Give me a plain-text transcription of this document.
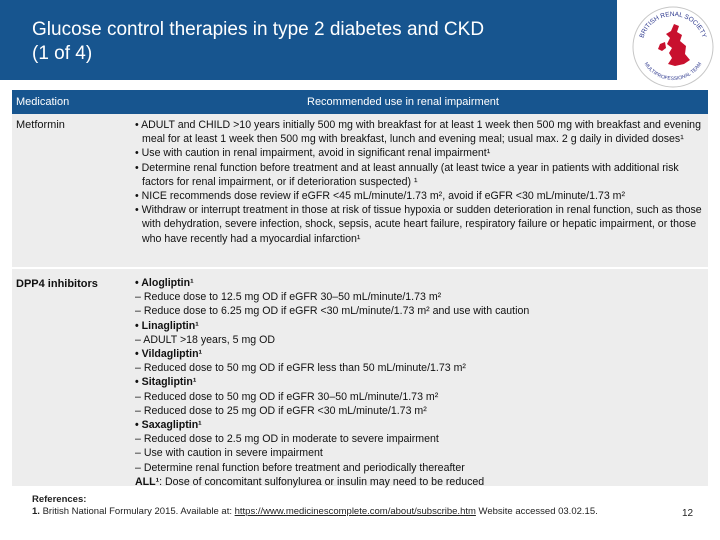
Glucose control therapies in type 2 diabetes and CKD
(1 of 4)
BRITISH RENAL SOCIETY
MULTIPROFESSIONAL TEAM
Medication	Recommended use in renal impairment
Metformin	• ADULT and CHILD >10 years initially 500 mg with breakfast for at least 1 week then 500 mg with breakfast and evening meal for at least 1 week then 500 mg with breakfast, lunch and evening meal; usual max. 2 g daily in divided doses¹
• Use with caution in renal impairment, avoid in significant renal impairment¹
• Determine renal function before treatment and at least annually (at least twice a year in patients with additional risk factors for renal impairment, or if deterioration suspected) ¹
• NICE recommends dose review if eGFR <45 mL/minute/1.73 m², avoid if eGFR <30 mL/minute/1.73 m²
• Withdraw or interrupt treatment in those at risk of tissue hypoxia or sudden deterioration in renal function, such as those with dehydration, severe infection, shock, sepsis, acute heart failure, respiratory failure or hepatic impairment, or those who have recently had a myocardial infarction¹
DPP4 inhibitors	• Alogliptin¹
– Reduce dose to 12.5 mg OD if eGFR 30–50 mL/minute/1.73 m²
– Reduce dose to 6.25 mg OD if eGFR <30 mL/minute/1.73 m² and use with caution
• Linagliptin¹
– ADULT >18 years, 5 mg OD
• Vildagliptin¹
– Reduced dose to 50 mg OD if eGFR less than 50 mL/minute/1.73 m²
• Sitagliptin¹
– Reduced dose to 50 mg OD if eGFR 30–50 mL/minute/1.73 m²
– Reduced dose to 25 mg OD if eGFR <30 mL/minute/1.73 m²
• Saxagliptin¹
– Reduced dose to 2.5 mg OD in moderate to severe impairment
– Use with caution in severe impairment
– Determine renal function before treatment and periodically thereafter
ALL¹: Dose of concomitant sulfonylurea or insulin may need to be reduced
References:
1. British National Formulary 2015. Available at: https://www.medicinescomplete.com/about/subscribe.htm Website accessed 03.02.15.	12
